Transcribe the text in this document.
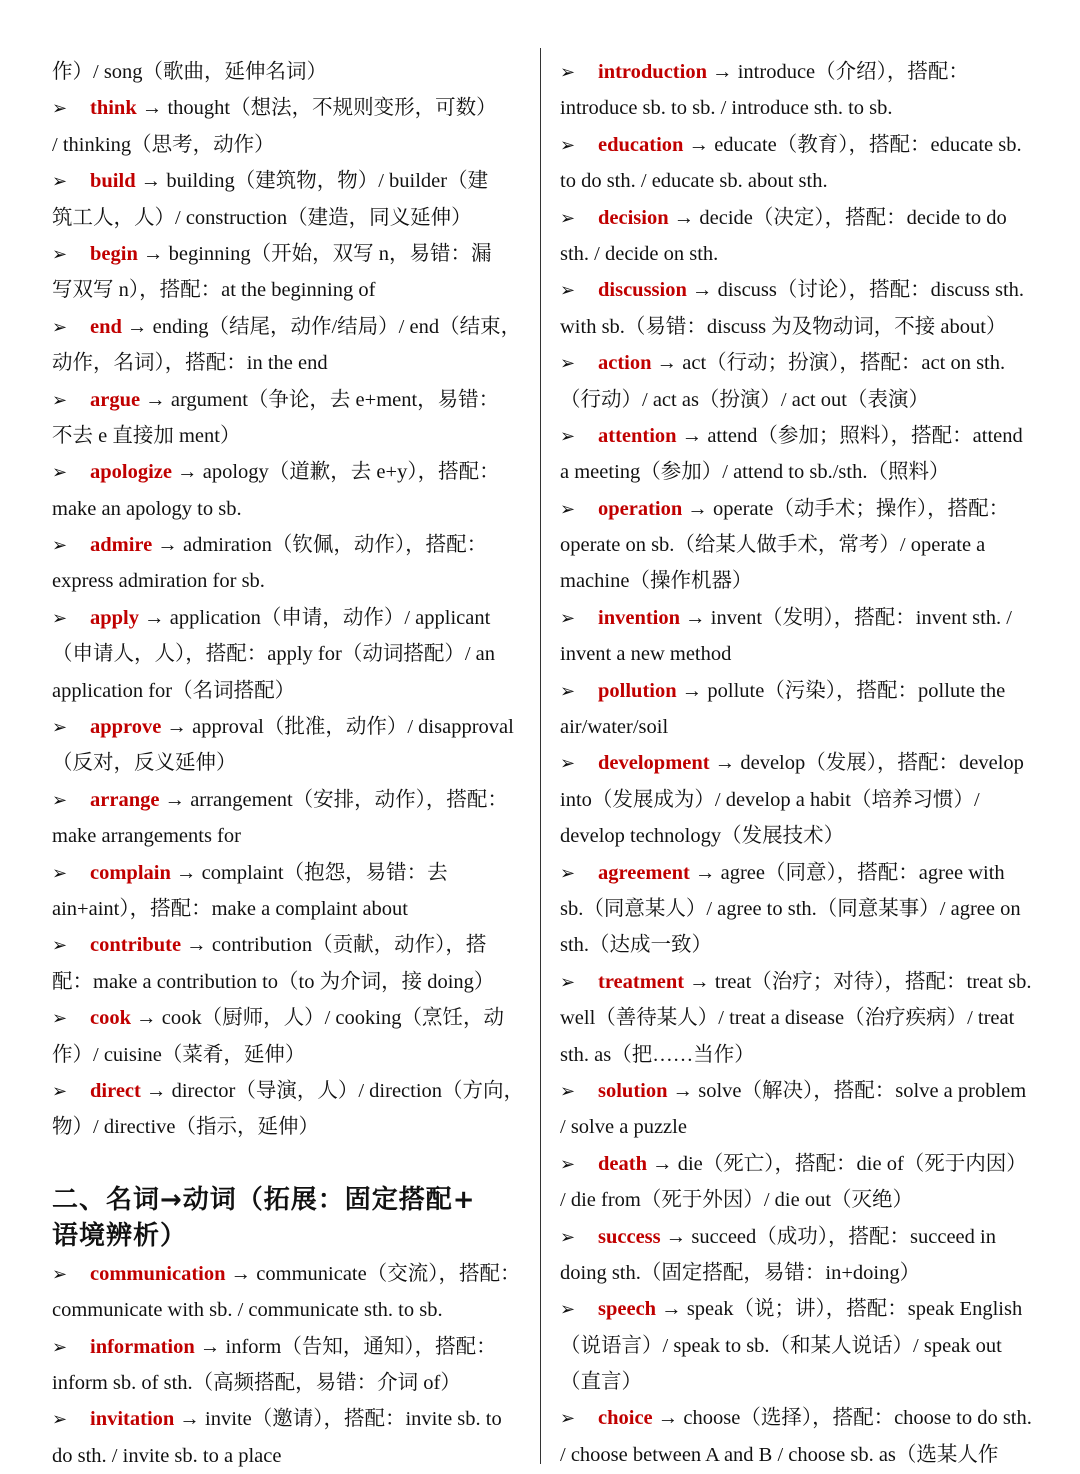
作）/ song（歌曲，延伸名词）
➢ think → thought（想法，不规则变形，可数）
/ thinking（思考，动作）
➢ build → building（建筑物，物）/ builder（建
筑工人，人）/ construction（建造，同义延伸）
➢ begin → beginning（开始，双写 n，易错：漏
写双写 n），搭配：at the beginning of
➢ end → ending（结尾，动作/结局）/ end（结束，
动作，名词），搭配：in the end
➢ argue → argument（争论，去 e+ment，易错：
不去 e 直接加 ment）
➢ apologize → apology（道歉，去 e+y），搭配：
make an apology to sb.
➢ admire → admiration（钦佩，动作），搭配：
express admiration for sb.
➢ apply → application（申请，动作）/ applicant
（申请人，人），搭配：apply for（动词搭配）/ an
application for（名词搭配）
➢ approve → approval（批准，动作）/ disapproval
（反对，反义延伸）
➢ arrange → arrangement（安排，动作），搭配：
make arrangements for
➢ complain → complaint（抱怨，易错：去
ain+aint），搭配：make a complaint about
➢ contribute → contribution（贡献，动作），搭
配：make a contribution to（to 为介词，接 doing）
➢ cook → cook（厨师，人）/ cooking（烹饪，动
作）/ cuisine（菜肴，延伸）
➢ direct → director（导演，人）/ direction（方向，
物）/ directive（指示，延伸）
二、名词→动词（拓展：固定搭配+
语境辨析）
➢ communication → communicate（交流），搭配：
communicate with sb. / communicate sth. to sb.
➢ information → inform（告知，通知），搭配：
inform sb. of sth.（高频搭配，易错：介词 of）
➢ invitation → invite（邀请），搭配：invite sb. to
do sth. / invite sb. to a place
➢ introduction → introduce（介绍），搭配：
introduce sb. to sb. / introduce sth. to sb.
➢ education → educate（教育），搭配：educate sb.
to do sth. / educate sb. about sth.
➢ decision → decide（决定），搭配：decide to do
sth. / decide on sth.
➢ discussion → discuss（讨论），搭配：discuss sth.
with sb.（易错：discuss 为及物动词，不接 about）
➢ action → act（行动；扮演），搭配：act on sth.
（行动）/ act as（扮演）/ act out（表演）
➢ attention → attend（参加；照料），搭配：attend
a meeting（参加）/ attend to sb./sth.（照料）
➢ operation → operate（动手术；操作），搭配：
operate on sb.（给某人做手术，常考）/ operate a
machine（操作机器）
➢ invention → invent（发明），搭配：invent sth. /
invent a new method
➢ pollution → pollute（污染），搭配：pollute the
air/water/soil
➢ development → develop（发展），搭配：develop
into（发展成为）/ develop a habit（培养习惯）/
develop technology（发展技术）
➢ agreement → agree（同意），搭配：agree with
sb.（同意某人）/ agree to sth.（同意某事）/ agree on
sth.（达成一致）
➢ treatment → treat（治疗；对待），搭配：treat sb.
well（善待某人）/ treat a disease（治疗疾病）/ treat
sth. as（把……当作）
➢ solution → solve（解决），搭配：solve a problem
/ solve a puzzle
➢ death → die（死亡），搭配：die of（死于内因）
/ die from（死于外因）/ die out（灭绝）
➢ success → succeed（成功），搭配：succeed in
doing sth.（固定搭配，易错：in+doing）
➢ speech → speak（说；讲），搭配：speak English
（说语言）/ speak to sb.（和某人说话）/ speak out
（直言）
➢ choice → choose（选择），搭配：choose to do sth.
/ choose between A and B / choose sb. as（选某人作
